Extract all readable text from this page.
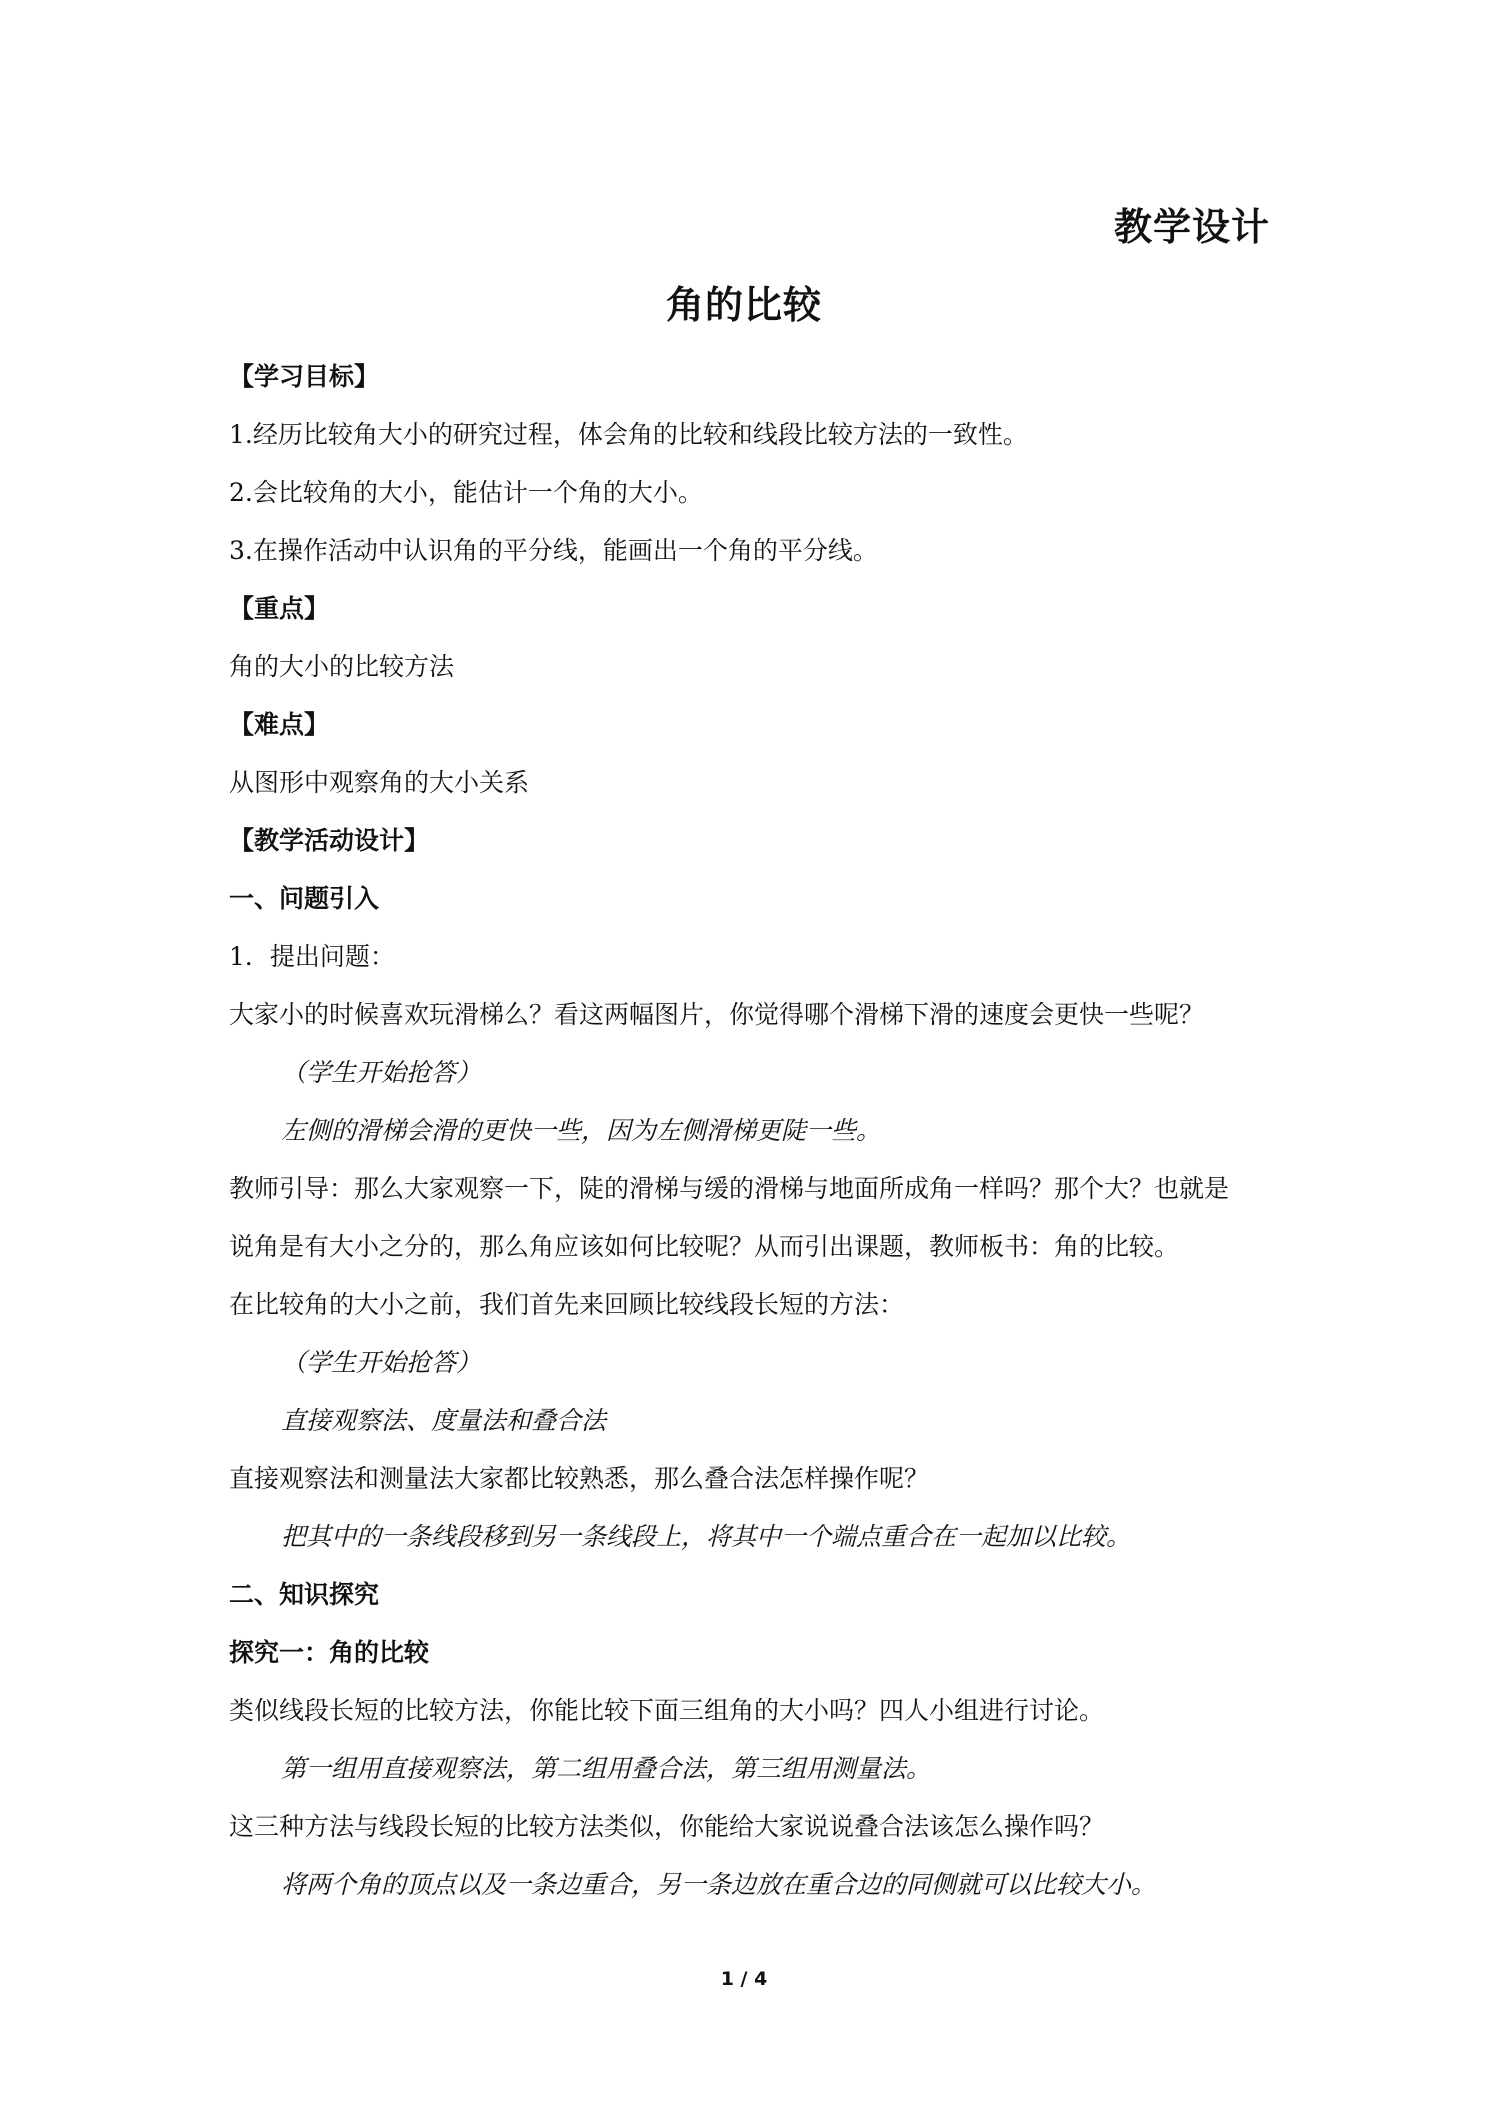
教学设计
角的比较

【学习目标】

1.经历比较角大小的研究过程，体会角的比较和线段比较方法的一致性。

2.会比较角的大小，能估计一个角的大小。

3.在操作活动中认识角的平分线，能画出一个角的平分线。

【重点】

角的大小的比较方法

【难点】

从图形中观察角的大小关系

【教学活动设计】

一、问题引入

1．提出问题：

大家小的时候喜欢玩滑梯么？看这两幅图片，你觉得哪个滑梯下滑的速度会更快一些呢？

（学生开始抢答）

左侧的滑梯会滑的更快一些，因为左侧滑梯更陡一些。

教师引导：那么大家观察一下，陡的滑梯与缓的滑梯与地面所成角一样吗？那个大？也就是

说角是有大小之分的，那么角应该如何比较呢？从而引出课题，教师板书：角的比较。

在比较角的大小之前，我们首先来回顾比较线段长短的方法：

（学生开始抢答）

直接观察法、度量法和叠合法

直接观察法和测量法大家都比较熟悉，那么叠合法怎样操作呢？

把其中的一条线段移到另一条线段上，将其中一个端点重合在一起加以比较。

二、知识探究

探究一：角的比较

类似线段长短的比较方法，你能比较下面三组角的大小吗？四人小组进行讨论。

第一组用直接观察法，第二组用叠合法，第三组用测量法。

这三种方法与线段长短的比较方法类似，你能给大家说说叠合法该怎么操作吗？

将两个角的顶点以及一条边重合，另一条边放在重合边的同侧就可以比较大小。

1 / 4
